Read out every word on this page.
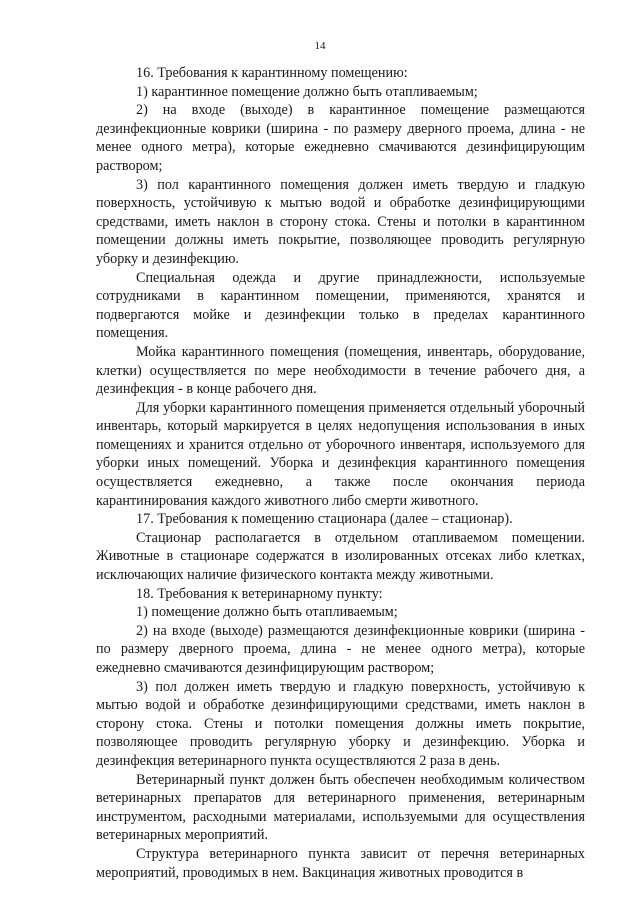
14

16. Требования к карантинному помещению:

1) карантинное помещение должно быть отапливаемым;

2) на входе (выходе) в карантинное помещение размещаются дезинфекционные коврики (ширина - по размеру дверного проема, длина - не менее одного метра), которые ежедневно смачиваются дезинфицирующим раствором;

3) пол карантинного помещения должен иметь твердую и гладкую поверхность, устойчивую к мытью водой и обработке дезинфицирующими средствами, иметь наклон в сторону стока. Стены и потолки в карантинном помещении должны иметь покрытие, позволяющее проводить регулярную уборку и дезинфекцию.

Специальная одежда и другие принадлежности, используемые сотрудниками в карантинном помещении, применяются, хранятся и подвергаются мойке и дезинфекции только в пределах карантинного помещения.

Мойка карантинного помещения (помещения, инвентарь, оборудование, клетки) осуществляется по мере необходимости в течение рабочего дня, а дезинфекция - в конце рабочего дня.

Для уборки карантинного помещения применяется отдельный уборочный инвентарь, который маркируется в целях недопущения использования в иных помещениях и хранится отдельно от уборочного инвентаря, используемого для уборки иных помещений. Уборка и дезинфекция карантинного помещения осуществляется ежедневно, а также после окончания периода карантинирования каждого животного либо смерти животного.

17. Требования к помещению стационара (далее – стационар).

Стационар располагается в отдельном отапливаемом помещении. Животные в стационаре содержатся в изолированных отсеках либо клетках, исключающих наличие физического контакта между животными.

18. Требования к ветеринарному пункту:

1) помещение должно быть отапливаемым;

2) на входе (выходе) размещаются дезинфекционные коврики (ширина - по размеру дверного проема, длина - не менее одного метра), которые ежедневно смачиваются дезинфицирующим раствором;

3) пол должен иметь твердую и гладкую поверхность, устойчивую к мытью водой и обработке дезинфицирующими средствами, иметь наклон в сторону стока. Стены и потолки помещения должны иметь покрытие, позволяющее проводить регулярную уборку и дезинфекцию. Уборка и дезинфекция ветеринарного пункта осуществляются 2 раза в день.

Ветеринарный пункт должен быть обеспечен необходимым количеством ветеринарных препаратов для ветеринарного применения, ветеринарным инструментом, расходными материалами, используемыми для осуществления ветеринарных мероприятий.

Структура ветеринарного пункта зависит от перечня ветеринарных мероприятий, проводимых в нем. Вакцинация животных проводится в
